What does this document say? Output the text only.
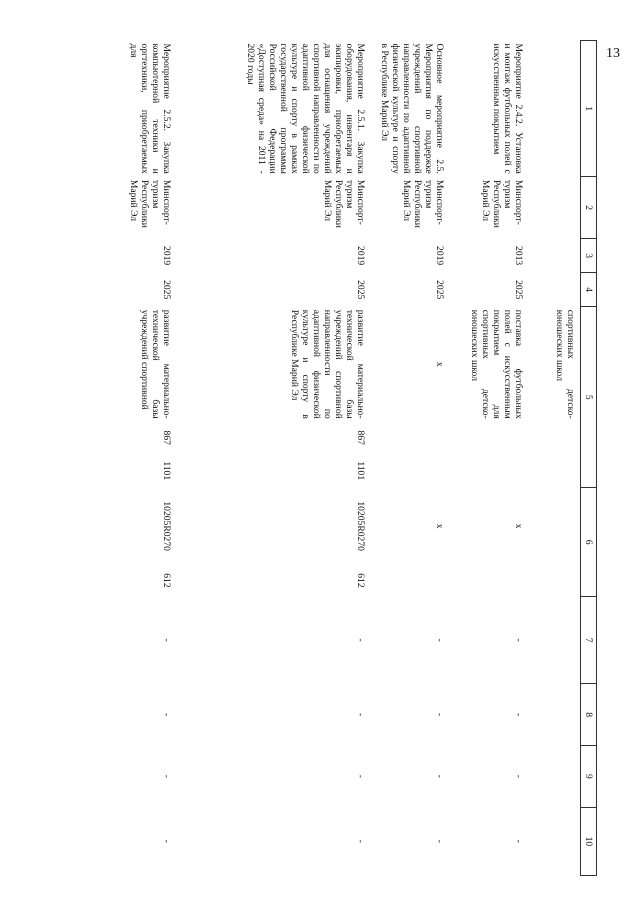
13
1	2	3	4	5			6		7	8	9	10
				спортивных детско-юношеских школ								
Мероприятие 2.4.2. Установка и монтаж футбольных полей с искусственным покрытием	Минспорт-туризм Республики Марий Эл	2013	2025	поставка футбольных полей с искусственным покрытием для спортивных детско-юношеских школ			х		-	-	-	-
Основное мероприятие 2.5. Мероприятия по поддержке учреждений спортивной направленности по адаптивной физической культуре и спорту в Республике Марий Эл	Минспорт-туризм Республики Марий Эл	2019	2025	х			х		-	-	-	-
Мероприятие 2.5.1. Закупка оборудования, инвентаря и экипировки, приобретаемых для оснащения учреждений спортивной направленности по адаптивной физической культуре и спорту в рамках государственной программы Российской Федерации «Доступная среда» на 2011 - 2020 годы	Минспорт-туризм Республики Марий Эл	2019	2025	развитие материально-технической базы учреждений спортивной направленности по адаптивной физической культуре и спорту в Республике Марий Эл	867	1101	10205R0270	612	-	-	-	-
Мероприятие 2.5.2. Закупка компьютерной техники и оргтехники, приобретаемых для	Минспорт-туризм Республики Марий Эл	2019	2025	развитие материально-технической базы учреждений спортивной	867	1101	10205R0270	612	-	-	-	-
